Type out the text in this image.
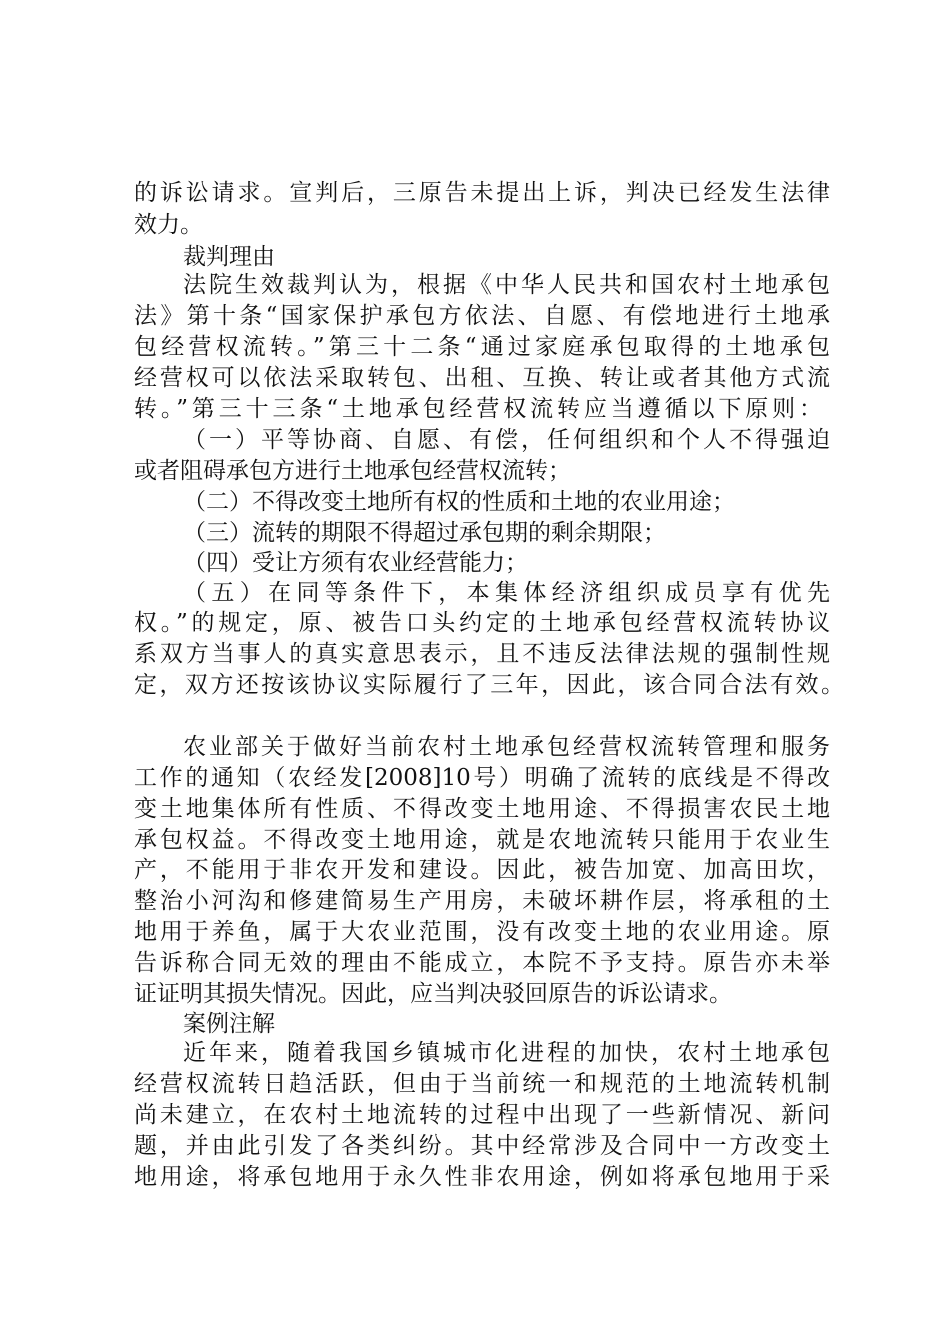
的诉讼请求。宣判后，三原告未提出上诉，判决已经发生法律
效力。
裁判理由
法院生效裁判认为，根据《中华人民共和国农村土地承包
法》第十条“国家保护承包方依法、自愿、有偿地进行土地承
包经营权流转。”第三十二条“通过家庭承包取得的土地承包
经营权可以依法采取转包、出租、互换、转让或者其他方式流
转。”第三十三条“土地承包经营权流转应当遵循以下原则：
（一）平等协商、自愿、有偿，任何组织和个人不得强迫
或者阻碍承包方进行土地承包经营权流转；
（二）不得改变土地所有权的性质和土地的农业用途；
（三）流转的期限不得超过承包期的剩余期限；
（四）受让方须有农业经营能力；
（五）在同等条件下，本集体经济组织成员享有优先
权。”的规定，原、被告口头约定的土地承包经营权流转协议
系双方当事人的真实意思表示，且不违反法律法规的强制性规
定，双方还按该协议实际履行了三年，因此，该合同合法有效。
农业部关于做好当前农村土地承包经营权流转管理和服务
工作的通知（农经发[2008]10号）明确了流转的底线是不得改
变土地集体所有性质、不得改变土地用途、不得损害农民土地
承包权益。不得改变土地用途，就是农地流转只能用于农业生
产，不能用于非农开发和建设。因此，被告加宽、加高田坎，
整治小河沟和修建简易生产用房，未破坏耕作层，将承租的土
地用于养鱼，属于大农业范围，没有改变土地的农业用途。原
告诉称合同无效的理由不能成立，本院不予支持。原告亦未举
证证明其损失情况。因此，应当判决驳回原告的诉讼请求。
案例注解
近年来，随着我国乡镇城市化进程的加快，农村土地承包
经营权流转日趋活跃，但由于当前统一和规范的土地流转机制
尚未建立，在农村土地流转的过程中出现了一些新情况、新问
题，并由此引发了各类纠纷。其中经常涉及合同中一方改变土
地用途，将承包地用于永久性非农用途，例如将承包地用于采
